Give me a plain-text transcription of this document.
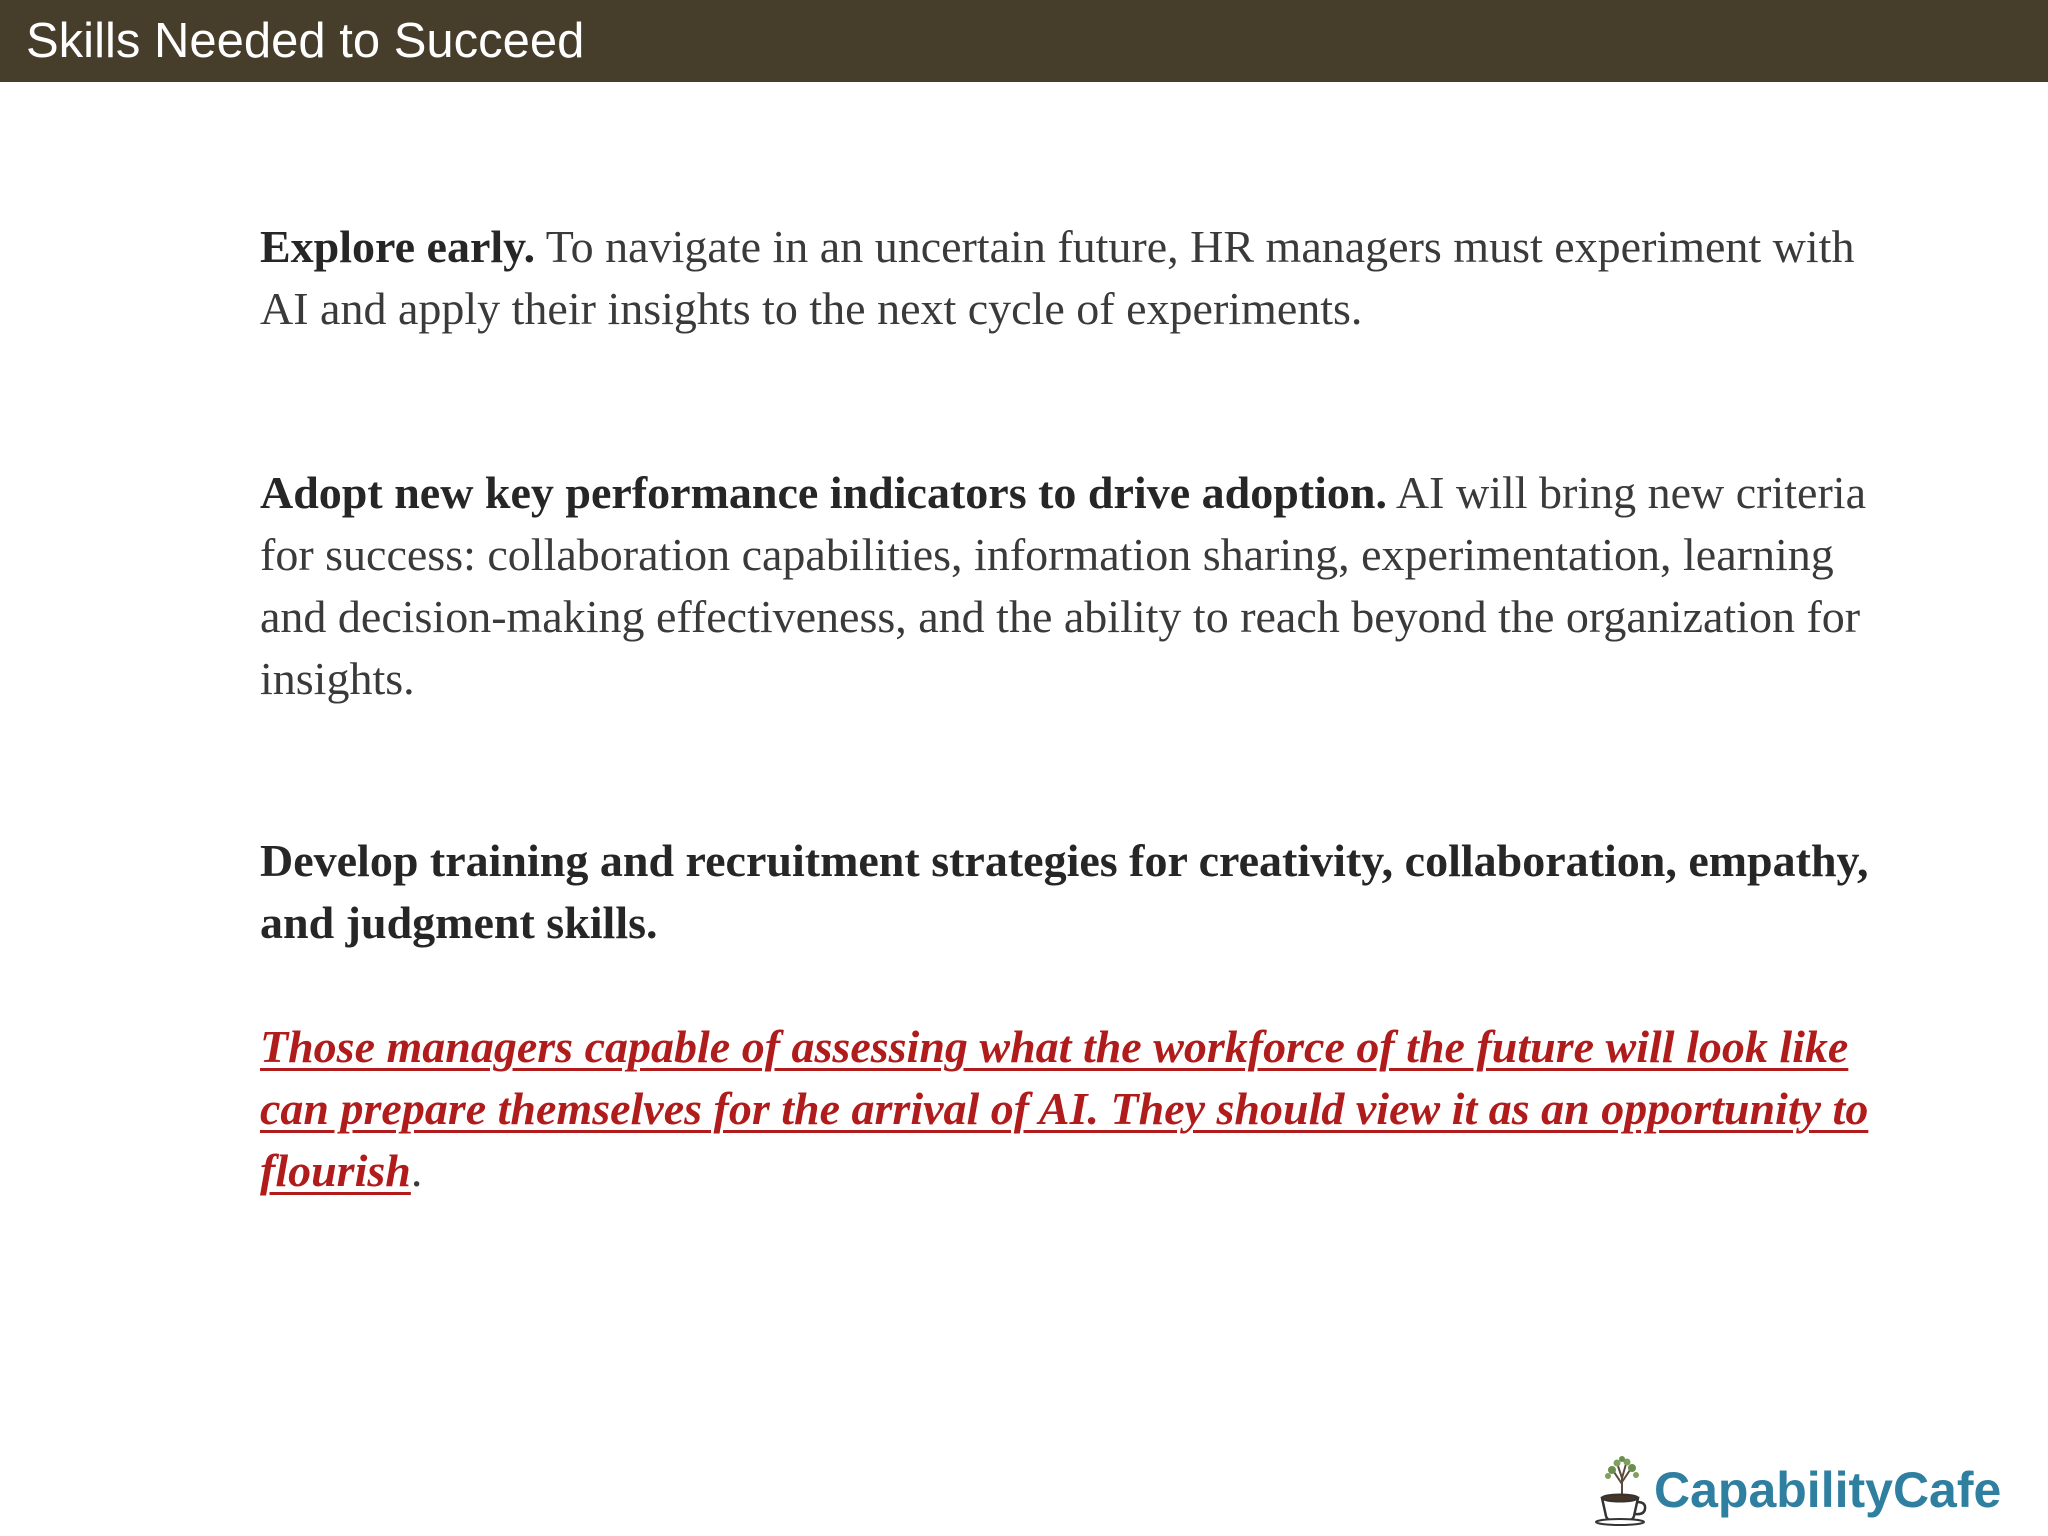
Skills Needed to Succeed
Explore early. To navigate in an uncertain future, HR managers must experiment with AI and apply their insights to the next cycle of experiments.
Adopt new key performance indicators to drive adoption. AI will bring new criteria for success: collaboration capabilities, information sharing, experimentation, learning and decision-making effectiveness, and the ability to reach beyond the organization for insights.
Develop training and recruitment strategies for creativity, collaboration, empathy, and judgment skills.
Those managers capable of assessing what the workforce of the future will look like can prepare themselves for the arrival of AI. They should view it as an opportunity to flourish.
CapabilityCafe
